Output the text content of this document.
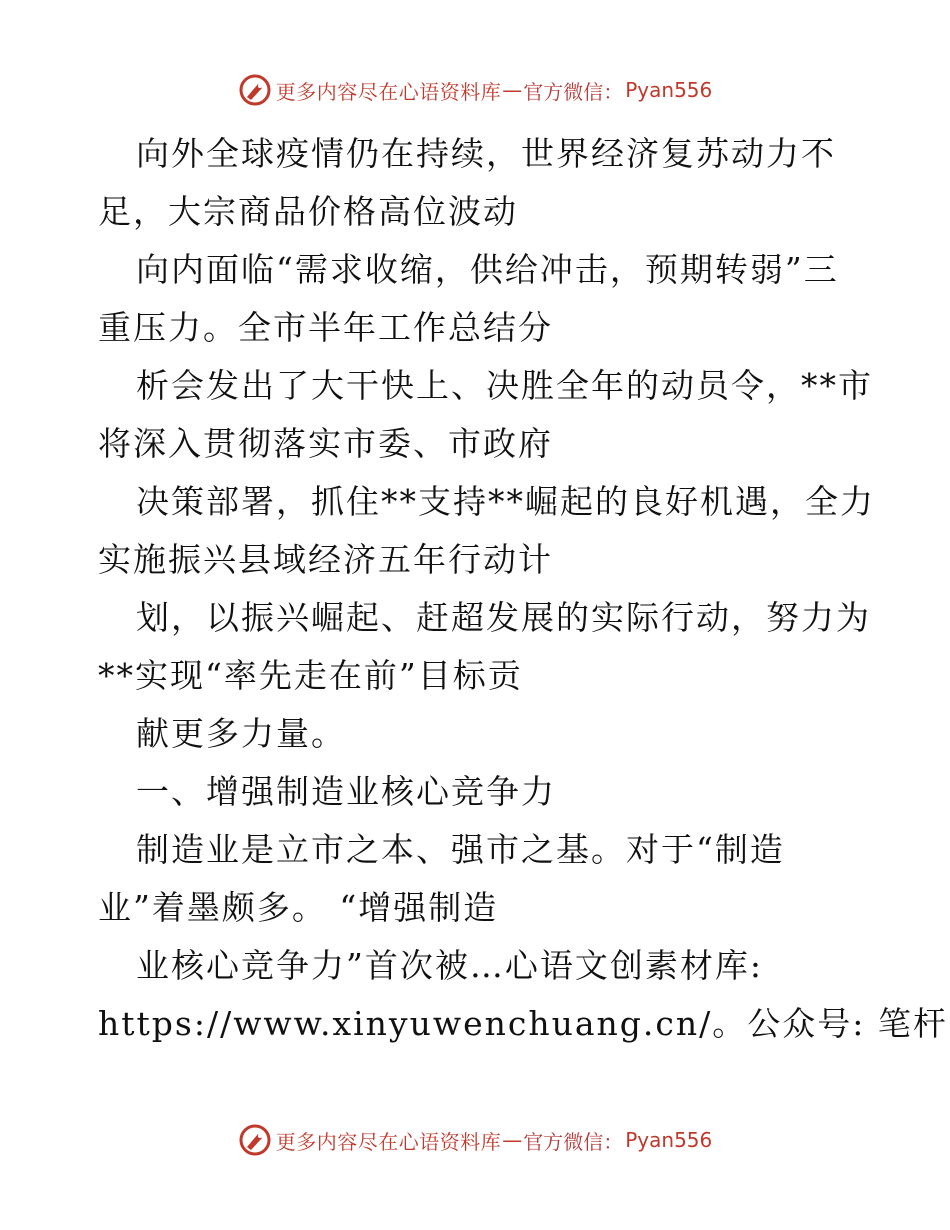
更多内容尽在心语资料库 — 官方微信： Pyan556
向外全球疫情仍在持续，世界经济复苏动力不
足，大宗商品价格高位波动
向内面临“需求收缩，供给冲击，预期转弱”三
重压力。全市半年工作总结分
析会发出了大干快上、决胜全年的动员令，**市
将深入贯彻落实市委、市政府
决策部署，抓住**支持**崛起的良好机遇，全力
实施振兴县域经济五年行动计
划，以振兴崛起、赶超发展的实际行动，努力为
**实现“率先走在前”目标贡
献更多力量。
一、增强制造业核心竞争力
制造业是立市之本、强市之基。对于“制造
业”着墨颇多。 “增强制造
业核心竞争力”首次被…心语文创素材库:
https://www.xinyuwenchuang.cn/。公众号: 笔杆
更多内容尽在心语资料库 — 官方微信： Pyan556
